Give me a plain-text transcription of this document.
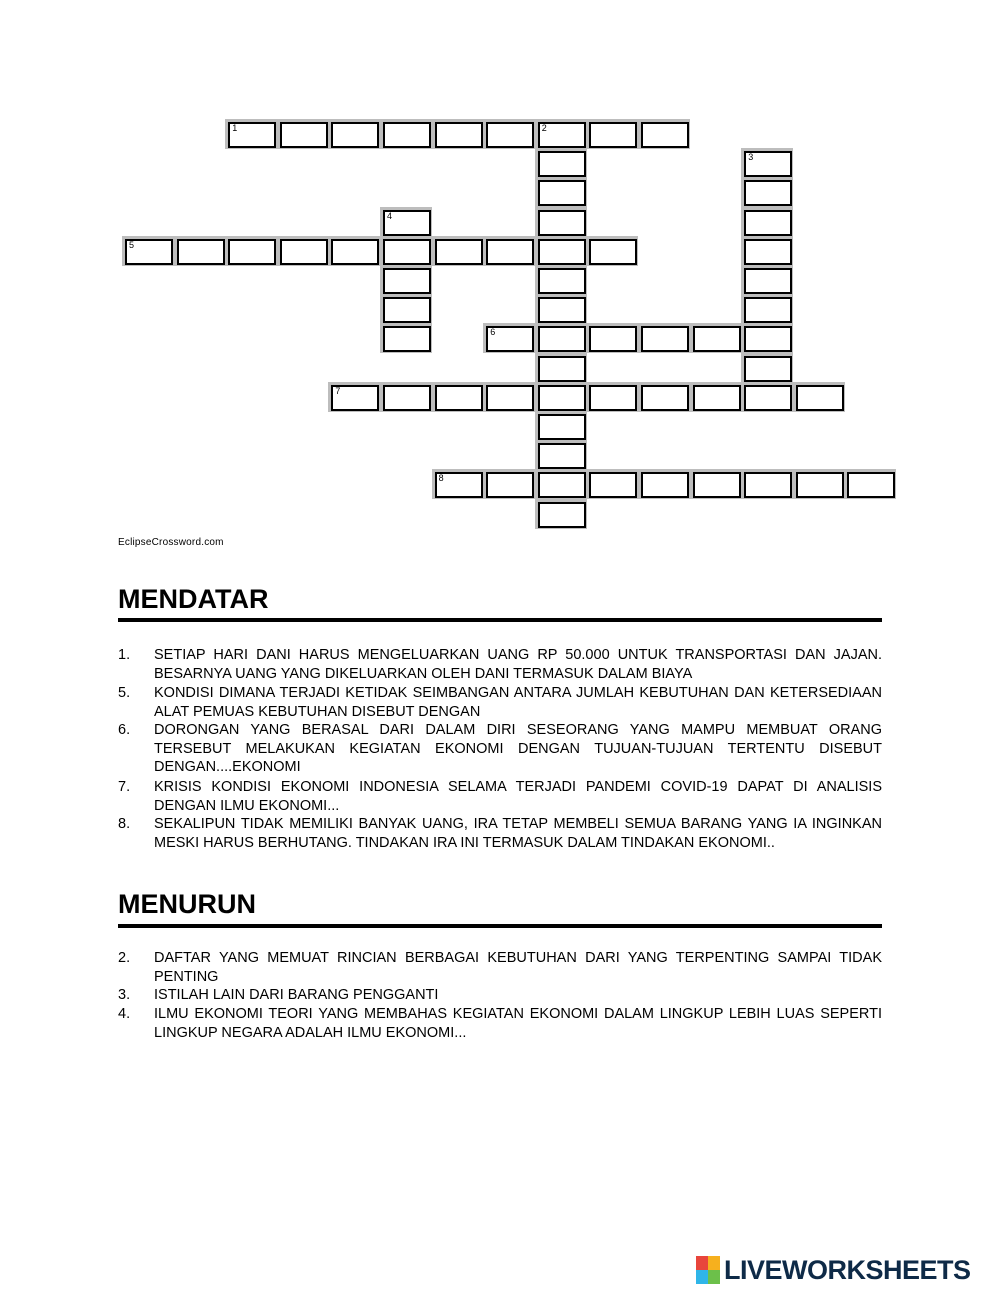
1	2
3
4
5
6
7
8
EclipseCrossword.com
MENDATAR
1.	SETIAP HARI DANI HARUS MENGELUARKAN UANG RP 50.000 UNTUK TRANSPORTASI DAN JAJAN. BESARNYA UANG YANG DIKELUARKAN OLEH DANI TERMASUK DALAM BIAYA
5.	KONDISI DIMANA TERJADI KETIDAK SEIMBANGAN ANTARA JUMLAH KEBUTUHAN DAN KETERSEDIAAN ALAT PEMUAS KEBUTUHAN DISEBUT DENGAN
6.	DORONGAN YANG BERASAL DARI DALAM DIRI SESEORANG YANG MAMPU MEMBUAT ORANG TERSEBUT MELAKUKAN KEGIATAN EKONOMI DENGAN TUJUAN-TUJUAN TERTENTU DISEBUT DENGAN....EKONOMI
7.	KRISIS KONDISI EKONOMI INDONESIA SELAMA TERJADI PANDEMI COVID-19 DAPAT DI ANALISIS DENGAN ILMU EKONOMI...
8.	SEKALIPUN TIDAK MEMILIKI BANYAK UANG, IRA TETAP MEMBELI SEMUA BARANG YANG IA INGINKAN MESKI HARUS BERHUTANG. TINDAKAN IRA INI TERMASUK DALAM TINDAKAN EKONOMI..
MENURUN
2.	DAFTAR YANG MEMUAT RINCIAN BERBAGAI KEBUTUHAN DARI YANG TERPENTING SAMPAI TIDAK PENTING
3.	ISTILAH LAIN DARI BARANG PENGGANTI
4.	ILMU EKONOMI TEORI YANG MEMBAHAS KEGIATAN EKONOMI DALAM LINGKUP LEBIH LUAS SEPERTI LINGKUP NEGARA ADALAH ILMU EKONOMI...
LIVEWORKSHEETS
